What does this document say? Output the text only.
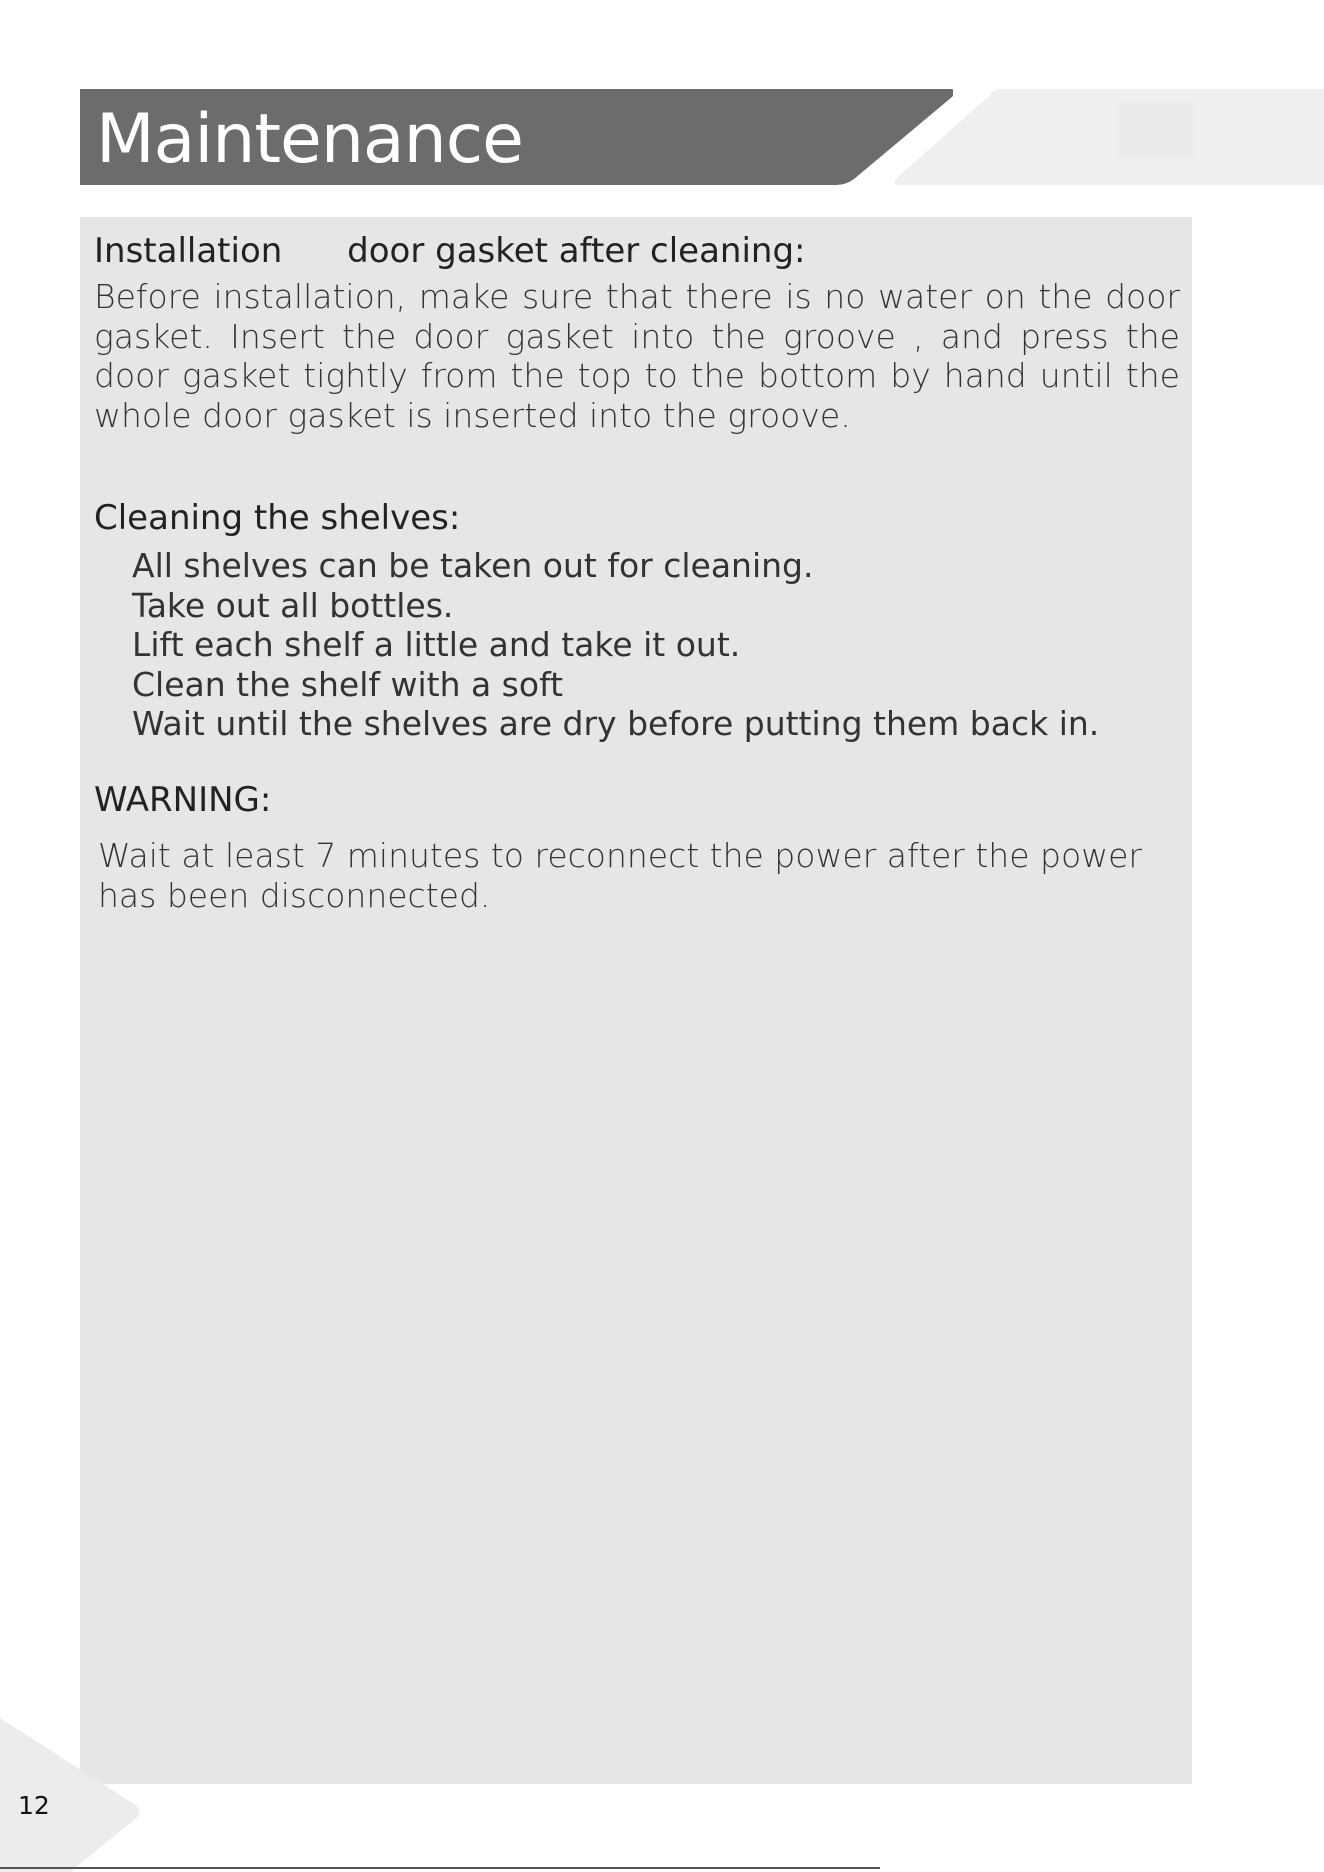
Maintenance
Installation      door gasket after cleaning:

Before installation, make sure that there is no water on the door gasket. Insert the door gasket into the groove , and press the door gasket tightly from the top to the bottom by hand until the whole door gasket is inserted into the groove.

Cleaning the shelves:
All shelves can be taken out for cleaning.
Take out all bottles.
Lift each shelf a little and take it out.
Clean the shelf with a soft
Wait until the shelves are dry before putting them back in.
WARNING:

Wait at least 7 minutes to reconnect the power after the power has been disconnected.

12
